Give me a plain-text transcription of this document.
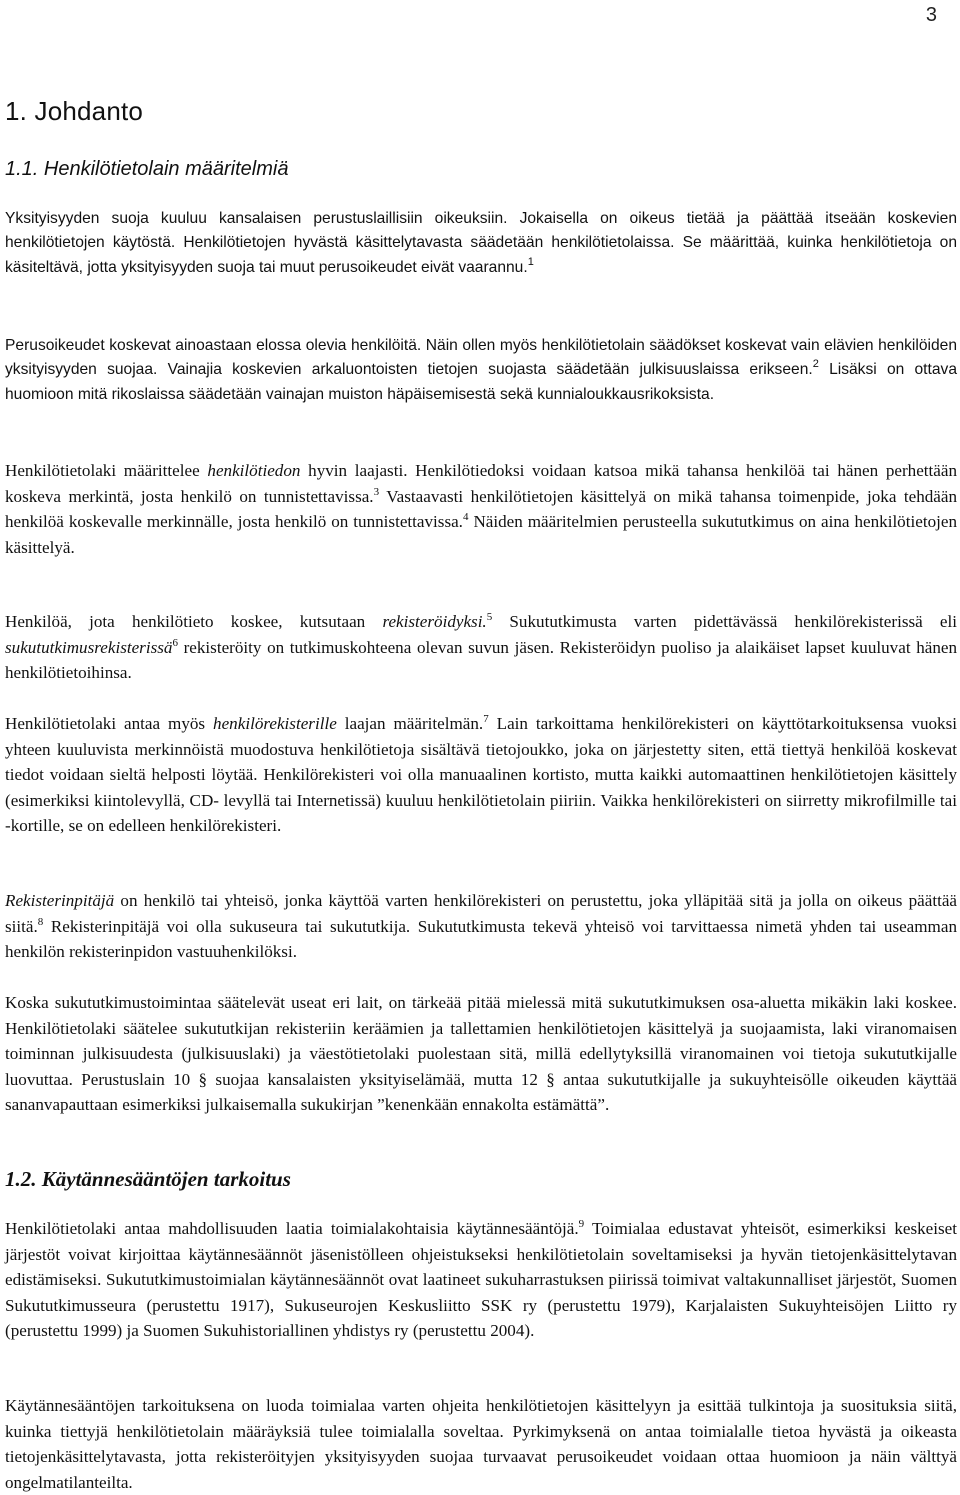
3
1. Johdanto
1.1. Henkilötietolain määritelmiä

Yksityisyyden suoja kuuluu kansalaisen perustuslaillisiin oikeuksiin. Jokaisella on oikeus tietää ja päättää itseään koskevien henkilötietojen käytöstä. Henkilötietojen hyvästä käsittelytavasta säädetään henkilötietolaissa. Se määrittää, kuinka henkilötietoja on käsiteltävä, jotta yksityisyyden suoja tai muut perusoikeudet eivät vaarannu.$^1$

Perusoikeudet koskevat ainoastaan elossa olevia henkilöitä. Näin ollen myös henkilötietolain säädökset koskevat vain elävien henkilöiden yksityisyyden suojaa. Vainajia koskevien arkaluontoisten tietojen suojasta säädetään julkisuuslaissa erikseen.$^2$ Lisäksi on ottava huomioon mitä rikoslaissa säädetään vainajan muiston häpäisemisestä sekä kunnialoukkausrikoksista.

Henkilötietolaki määrittelee henkilötiedon hyvin laajasti. Henkilötiedoksi voidaan katsoa mikä tahansa henkilöä tai hänen perhettään koskeva merkintä, josta henkilö on tunnistettavissa.$^3$ Vastaavasti henkilötietojen käsittelyä on mikä tahansa toimenpide, joka tehdään henkilöä koskevalle merkinnälle, josta henkilö on tunnistettavissa.$^4$ Näiden määritelmien perusteella sukututkimus on aina henkilötietojen käsittelyä.

Henkilöä, jota henkilötieto koskee, kutsutaan rekisteröidyksi.$^5$ Sukututkimusta varten pidettävässä henkilörekisterissä eli sukututkimusrekisterissä$^6$ rekisteröity on tutkimuskohteena olevan suvun jäsen. Rekisteröidyn puoliso ja alaikäiset lapset kuuluvat hänen henkilötietoihinsa.

Henkilötietolaki antaa myös henkilörekisterille laajan määritelmän.$^7$ Lain tarkoittama henkilörekisteri on käyttötarkoituksensa vuoksi yhteen kuuluvista merkinnöistä muodostuva henkilötietoja sisältävä tietojoukko, joka on järjestetty siten, että tiettyä henkilöä koskevat tiedot voidaan sieltä helposti löytää. Henkilörekisteri voi olla manuaalinen kortisto, mutta kaikki automaattinen henkilötietojen käsittely (esimerkiksi kiintolevyllä, CD- levyllä tai Internetissä) kuuluu henkilötietolain piiriin. Vaikka henkilörekisteri on siirretty mikrofilmille tai -kortille, se on edelleen henkilörekisteri.

Rekisterinpitäjä on henkilö tai yhteisö, jonka käyttöä varten henkilörekisteri on perustettu, joka ylläpitää sitä ja jolla on oikeus päättää siitä.$^8$ Rekisterinpitäjä voi olla sukuseura tai sukututkija. Sukututkimusta tekevä yhteisö voi tarvittaessa nimetä yhden tai useamman henkilön rekisterinpidon vastuuhenkilöksi.

Koska sukututkimustoimintaa säätelevät useat eri lait, on tärkeää pitää mielessä mitä sukututkimuksen osa-aluetta mikäkin laki koskee. Henkilötietolaki säätelee sukututkijan rekisteriin keräämien ja tallettamien henkilötietojen käsittelyä ja suojaamista, laki viranomaisen toiminnan julkisuudesta (julkisuuslaki) ja väestötietolaki puolestaan sitä, millä edellytyksillä viranomainen voi tietoja sukututkijalle luovuttaa. Perustuslain 10 § suojaa kansalaisten yksityiselämää, mutta 12 § antaa sukututkijalle ja sukuyhteisölle oikeuden käyttää sananvapauttaan esimerkiksi julkaisemalla sukukirjan ”kenenkään ennakolta estämättä”.

1.2. Käytännesääntöjen tarkoitus

Henkilötietolaki antaa mahdollisuuden laatia toimialakohtaisia käytännesääntöjä.$^9$ Toimialaa edustavat yhteisöt, esimerkiksi keskeiset järjestöt voivat kirjoittaa käytännesäännöt jäsenistölleen ohjeistukseksi henkilötietolain soveltamiseksi ja hyvän tietojenkäsittelytavan edistämiseksi. Sukututkimustoimialan käytännesäännöt ovat laatineet sukuharrastuksen piirissä toimivat valtakunnalliset järjestöt, Suomen Sukututkimusseura (perustettu 1917), Sukuseurojen Keskusliitto SSK ry (perustettu 1979), Karjalaisten Sukuyhteisöjen Liitto ry (perustettu 1999) ja Suomen Sukuhistoriallinen yhdistys ry (perustettu 2004).

Käytännesääntöjen tarkoituksena on luoda toimialaa varten ohjeita henkilötietojen käsittelyyn ja esittää tulkintoja ja suosituksia siitä, kuinka tiettyjä henkilötietolain määräyksiä tulee toimialalla soveltaa. Pyrkimyksenä on antaa toimialalle tietoa hyvästä ja oikeasta tietojenkäsittelytavasta, jotta rekisteröityjen yksityisyyden suojaa turvaavat perusoikeudet voidaan ottaa huomioon ja näin välttyä ongelmatilanteilta.
